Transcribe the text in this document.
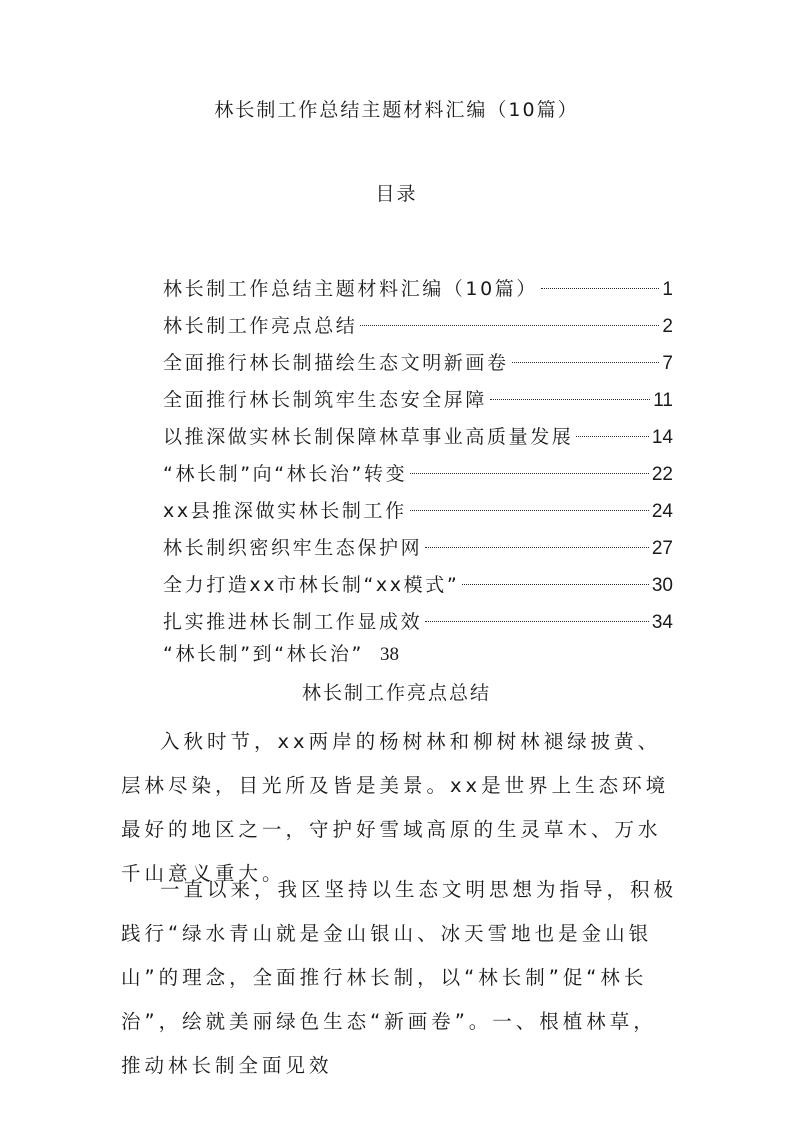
林长制工作总结主题材料汇编（10篇）
目录
林长制工作总结主题材料汇编（10篇）	1
林长制工作亮点总结	2
全面推行林长制描绘生态文明新画卷	7
全面推行林长制筑牢生态安全屏障	11
以推深做实林长制保障林草事业高质量发展	14
“林长制”向“林长治”转变	22
xx县推深做实林长制工作	24
林长制织密织牢生态保护网	27
全力打造xx市林长制“xx模式”	30
扎实推进林长制工作显成效	34
“林长制”到“林长治” 38
林长制工作亮点总结

入秋时节，xx两岸的杨树林和柳树林褪绿披黄、层林尽染，目光所及皆是美景。xx是世界上生态环境最好的地区之一，守护好雪域高原的生灵草木、万水千山意义重大。

一直以来，我区坚持以生态文明思想为指导，积极践行“绿水青山就是金山银山、冰天雪地也是金山银山”的理念，全面推行林长制，以“林长制”促“林长治”，绘就美丽绿色生态“新画卷”。一、根植林草，推动林长制全面见效
